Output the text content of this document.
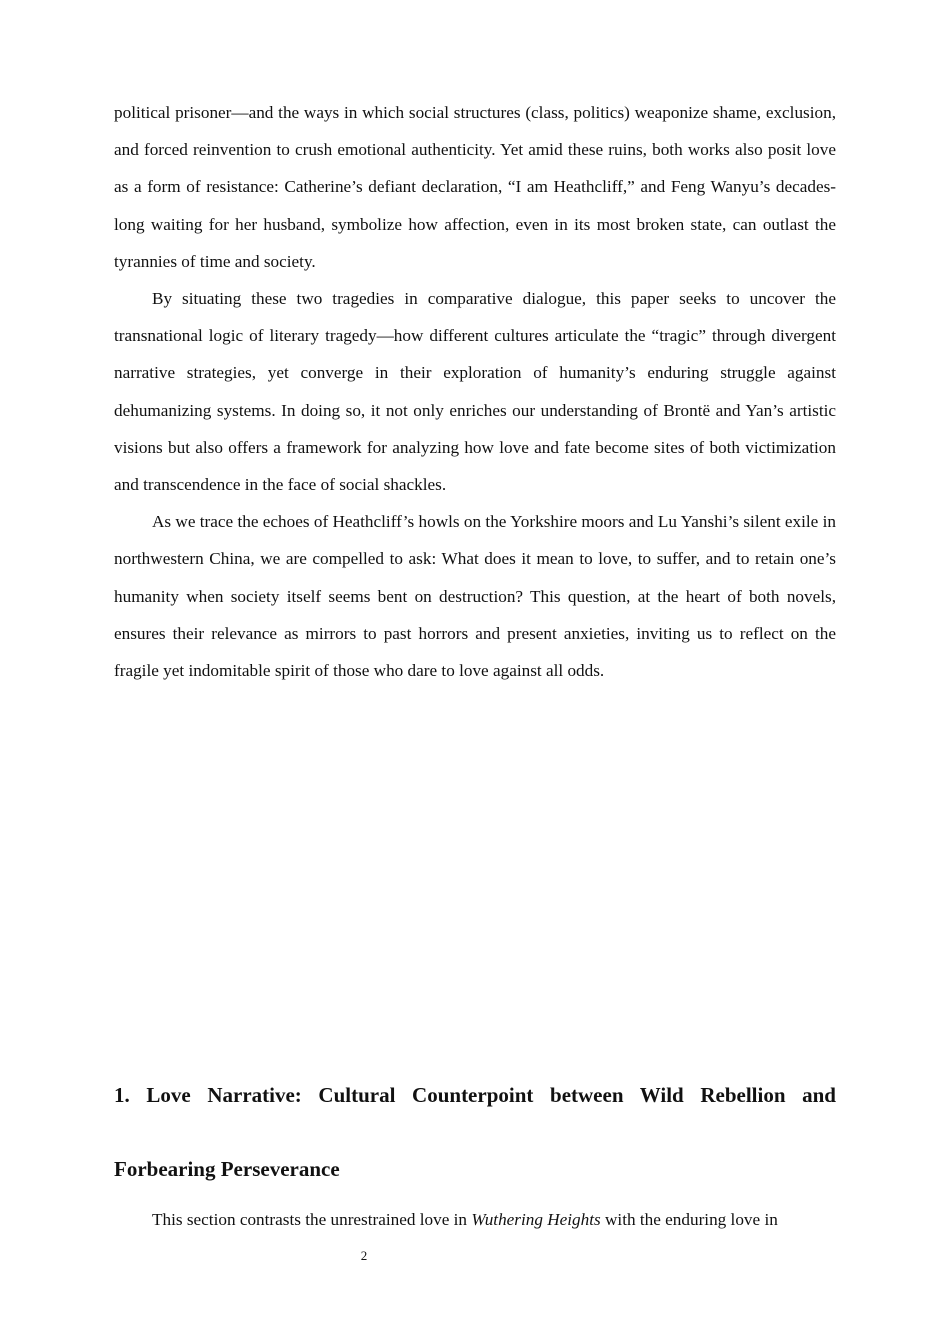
political prisoner—and the ways in which social structures (class, politics) weaponize shame, exclusion, and forced reinvention to crush emotional authenticity. Yet amid these ruins, both works also posit love as a form of resistance: Catherine’s defiant declaration, “I am Heathcliff,” and Feng Wanyu’s decades-long waiting for her husband, symbolize how affection, even in its most broken state, can outlast the tyrannies of time and society.

By situating these two tragedies in comparative dialogue, this paper seeks to uncover the transnational logic of literary tragedy—how different cultures articulate the “tragic” through divergent narrative strategies, yet converge in their exploration of humanity’s enduring struggle against dehumanizing systems. In doing so, it not only enriches our understanding of Brontë and Yan’s artistic visions but also offers a framework for analyzing how love and fate become sites of both victimization and transcendence in the face of social shackles.

As we trace the echoes of Heathcliff’s howls on the Yorkshire moors and Lu Yanshi’s silent exile in northwestern China, we are compelled to ask: What does it mean to love, to suffer, and to retain one’s humanity when society itself seems bent on destruction? This question, at the heart of both novels, ensures their relevance as mirrors to past horrors and present anxieties, inviting us to reflect on the fragile yet indomitable spirit of those who dare to love against all odds.

1. Love Narrative: Cultural Counterpoint between Wild Rebellion and Forbearing Perseverance

This section contrasts the unrestrained love in Wuthering Heights with the enduring love in

2
